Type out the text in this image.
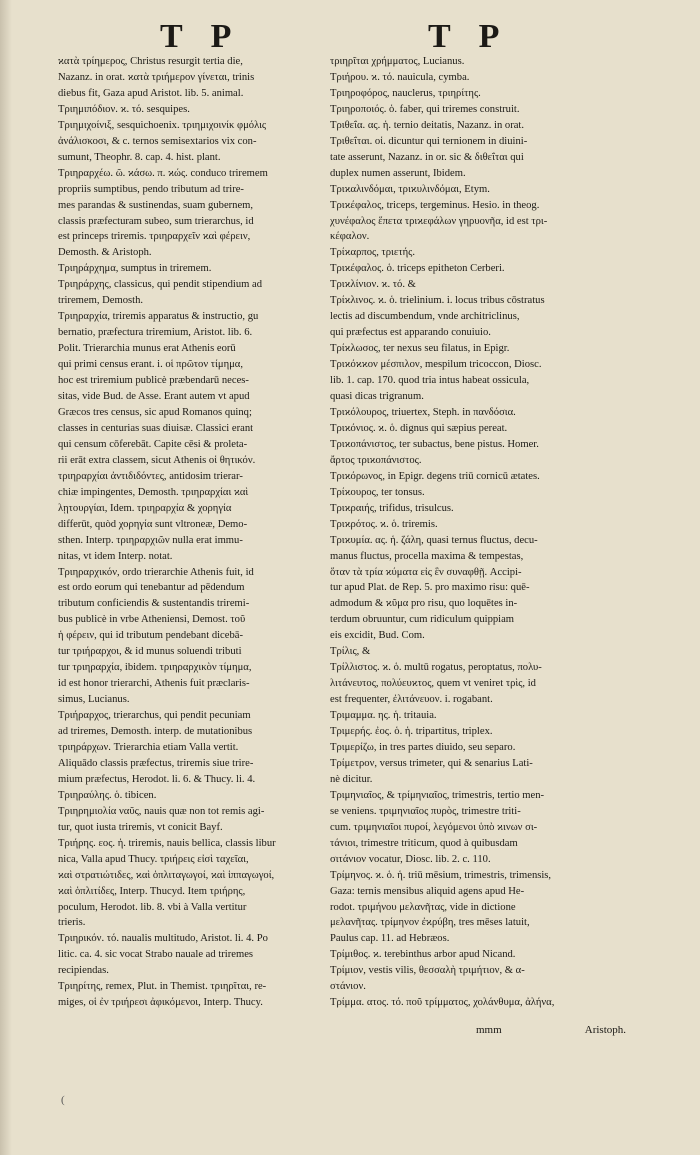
T P	T P

ϰατὰ τρίημερος, Christus resurgit tertia die,

Nazanz. in orat. ϰατὰ τριήμερον γίνεται, trinis

diebus fit, Gaza apud Aristot. lib. 5. animal.

Τριημιπόδιον. ϰ. τό. sesquipes.

Τριημιχοίνιξ, sesquichoenix. τριημιχοινίκ φμόλις

ἀνάλισκοσι, & c. ternos semisextarios vix con-

sumunt, Theophr. 8. cap. 4. hist. plant.

Τριηραρχέω. ῶ. ϰάσω. π. ϰώς. conduco triremem

propriis sumptibus, pendo tributum ad trire-

mes parandas & sustinendas, suam gubernem,

classis præfecturam subeo, sum trierarchus, id

est princeps triremis. τριηραρχεῖν ϰαὶ φέρειν,

Demosth. & Aristoph.

Τριηράρχημα, sumptus in triremem.

Τριηράρχης, classicus, qui pendit stipendium ad

triremem, Demosth.

Τριηραρχία, triremis apparatus & instructio, gu

bernatio, præfectura triremium, Aristot. lib. 6.

Polit. Trierarchia munus erat Athenis eorū

qui primi census erant. i. οἱ πρῶτον τίμημα,

hoc est triremium publicè præbendarū neces-

sitas, vide Bud. de Asse. Erant autem vt apud

Græcos tres census, sic apud Romanos quinq;

classes in centurias suas diuisæ. Classici erant

qui censum cōferebāt. Capite cēsi & proleta-

rii erāt extra classem, sicut Athenis οἱ θητικόν.

τριηραρχίαι ἀντιδιδόντες, antidosim trierar-

chiæ impingentes, Demosth. τριηραρχίαι ϰαὶ

λῃτουργίαι, Idem. τριηραρχία & χορηγία

differūt, quòd χορηγία sunt vltroneæ, Demo-

sthen. Interp. τριηραρχιῶν nulla erat immu-

nitas, vt idem Interp. notat.

Τριηραρχικόν, ordo trierarchie Athenis fuit, id

est ordo eorum qui tenebantur ad pēdendum

tributum conficiendis & sustentandis triremi-

bus publicè in vrbe Atheniensi, Demost. τοῦ

ἡ φέρειν, qui id tributum pendebant dicebā-

tur τριήραρχοι, & id munus soluendi tributi

tur τριηραρχία, ibidem. τριηραρχικὸν τίμημα,

id est honor trierarchi, Athenis fuit præclaris-

simus, Lucianus.

Τριήραρχος, trierarchus, qui pendit pecuniam

ad triremes, Demosth. interp. de mutationibus

τριηράρχων. Trierarchia etiam Valla vertit.

Aliquādo classis præfectus, triremis siue trire-

mium præfectus, Herodot. li. 6. & Thucy. li. 4.

Τριηραύλης. ὁ. tibicen.

Τριηρημιολία ναῦς, nauis quæ non tot remis agi-

tur, quot iusta triremis, vt conicit Bayf.

Τριήρης. εος. ἡ. triremis, nauis bellica, classis libur

nica, Valla apud Thucy. τριήρεις εἰσὶ ταχεῖαι,

ϰαὶ στρατιώτιδες, ϰαὶ ὁπλιταγωγοί, ϰαὶ ἱππαγωγοί,

ϰαὶ ὁπλιτίδες, Interp. Thucyd. Item τριήρης,

poculum, Herodot. lib. 8. vbi à Valla vertitur

trieris.

Τριηρικόν. τό. naualis multitudo, Aristot. li. 4. Po

litic. ca. 4. sic vocat Strabo nauale ad triremes

recipiendas.

Τριηρίτης, remex, Plut. in Themist. τριηρῖται, re-

miges, οἱ ἐν τριήρεσι ἀφικόμενοι, Interp. Thucy.

τριηρῖται χρήμματος, Lucianus.

Τριήρου. ϰ. τό. nauicula, cymba.

Τριηροφόρος, nauclerus, τριηρίτης.

Τριηροποιός. ὁ. faber, qui triremes construit.

Τριθεΐα. ας. ἡ. ternio deitatis, Nazanz. in orat.

Τριθεΐται. οἱ. dicuntur qui ternionem in diuini-

tate asserunt, Nazanz. in or. sic & διθεΐται qui

duplex numen asserunt, Ibidem.

Τριϰαλινδόμαι, τριϰυλινδόμαι, Etym.

Τριϰέφαλος, triceps, tergeminus. Hesio. in theog.

χυνέφαλος ἕπετα τριϰεφάλων γηρυονῆα, id est τρι-

κέφαλον.

Τρίϰαρπος, τριετής.

Τριϰέφαλος. ὁ. triceps epitheton Cerberi.

Τριϰλίνιον. ϰ. τό. &

Τρίϰλινος. ϰ. ὁ. trielinium. i. locus tribus cōstratus

lectis ad discumbendum, vnde architriclinus,

qui præfectus est apparando conuiuio.

Τρίϰλωσος, ter nexus seu filatus, in Epigr.

Τριϰόϰϰον μέσπιλον, mespilum tricoccon, Diosc.

lib. 1. cap. 170. quod tria intus habeat ossicula,

quasi dicas trigranum.

Τριϰόλουρος, triuertex, Steph. in πανδόσια.

Τριϰόνιος. ϰ. ὁ. dignus qui sæpius pereat.

Τριϰοπάνιστος, ter subactus, bene pistus. Homer.

ἄρτος τριϰοπάνιστος.

Τριϰόρωνος, in Epigr. degens triū cornicū ætates.

Τρίϰουρος, ter tonsus.

Τριϰραιής, trifidus, trisulcus.

Τριϰρότος. ϰ. ὁ. triremis.

Τριϰυμία. ας. ἡ. ζάλη, quasi ternus fluctus, decu-

manus fluctus, procella maxima & tempestas,

ὅταν τὰ τρία ϰύματα εἰς ἓν συναφθῇ. Accipi-

tur apud Plat. de Rep. 5. pro maximo risu: quē-

admodum & ϰῦμα pro risu, quo loquētes in-

terdum obruuntur, cum ridiculum quippiam

eis excidit, Bud. Com.

Τρίλις, &

Τρίλλιστος. ϰ. ὁ. multū rogatus, peroptatus, πολυ-

λιτάνευτος, πολύευϰτος, quem vt veniret τρὶς, id

est frequenter, ἐλιτάνευον. i. rogabant.

Τριμαμμα. ης. ἡ. tritauia.

Τριμερής. ἐος. ὁ. ἡ. tripartitus, triplex.

Τριμερίζω, in tres partes diuido, seu separo.

Τρίμετρον, versus trimeter, qui & senarius Lati-

nè dicitur.

Τριμηνιαῖος, & τρίμηνιαῖος, trimestris, tertio men-

se veniens. τριμηνιαῖος πυρὸς, trimestre triti-

cum. τριμηνιαῖοι πυροί, λεγόμενοι ὑπὸ ϰινων σι-

τάνιοι, trimestre triticum, quod à quibusdam

σιτάνιον vocatur, Diosc. lib. 2. c. 110.

Τρίμηνος. ϰ. ὁ. ἡ. triū mēsium, trimestris, trimensis,

Gaza: ternis mensibus aliquid agens apud He-

rodot. τριμήνου μελανῆτας, vide in dictione

μελανῆτας. τρίμηνον ἐϰρύβη, tres mēses latuit,

Paulus cap. 11. ad Hebræos.

Τρίμιθος. ϰ. terebinthus arbor apud Nicand.

Τρίμιον, vestis vilis, θεσσαλὴ τριμήτιον, & α-

στάνιον.

Τρίμμα. ατος. τό. ποῦ τρίμματος, χολάνθυμα, ἀλήνα,

mmm	Aristoph.
(
